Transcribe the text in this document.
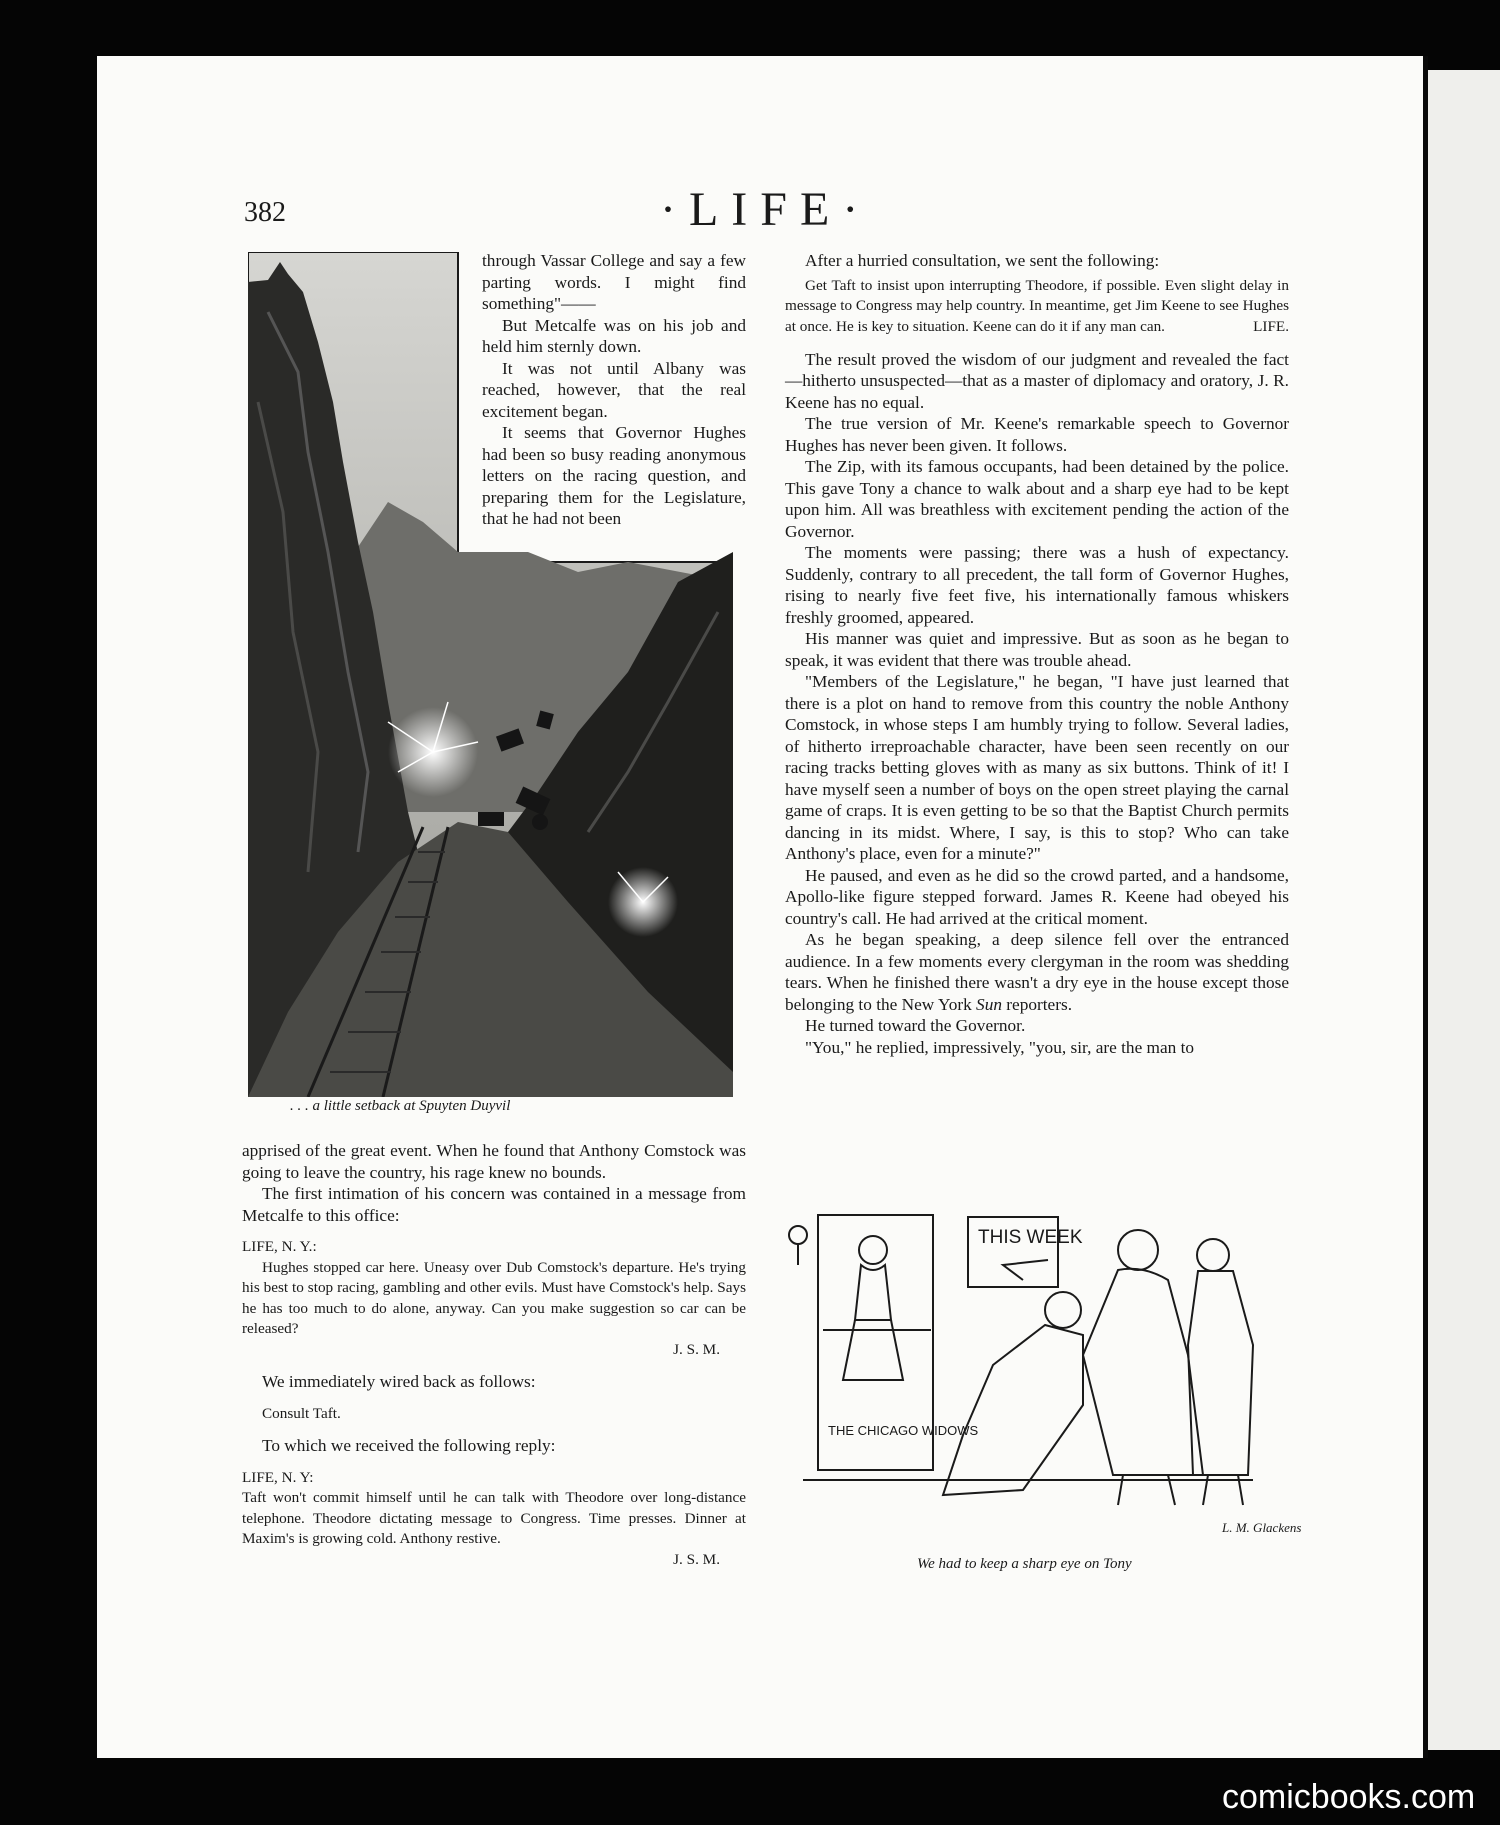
382	·LIFE·
. . . a little setback at Spuyten Duyvil

through Vassar College and say a few parting words. I might find something"——

But Metcalfe was on his job and held him sternly down.

It was not until Albany was reached, however, that the real excitement began.

It seems that Governor Hughes had been so busy reading anonymous letters on the racing question, and preparing them for the Legislature, that he had not been

apprised of the great event. When he found that Anthony Comstock was going to leave the country, his rage knew no bounds.

The first intimation of his concern was contained in a message from Metcalfe to this office:

LIFE, N. Y.:

Hughes stopped car here. Uneasy over Dub Comstock's departure. He's trying his best to stop racing, gambling and other evils. Must have Comstock's help. Says he has too much to do alone, anyway. Can you make suggestion so car can be released?

J. S. M.

We immediately wired back as follows:

Consult Taft.

To which we received the following reply:

LIFE, N. Y:

Taft won't commit himself until he can talk with Theodore over long-distance telephone. Theodore dictating message to Congress. Time presses. Dinner at Maxim's is growing cold. Anthony restive.

J. S. M.

After a hurried consultation, we sent the following:

Get Taft to insist upon interrupting Theodore, if possible. Even slight delay in message to Congress may help country. In meantime, get Jim Keene to see Hughes at once. He is key to situation. Keene can do it if any man can.	LIFE.

The result proved the wisdom of our judgment and revealed the fact—hitherto unsuspected—that as a master of diplomacy and oratory, J. R. Keene has no equal.

The true version of Mr. Keene's remarkable speech to Governor Hughes has never been given. It follows.

The Zip, with its famous occupants, had been detained by the police. This gave Tony a chance to walk about and a sharp eye had to be kept upon him. All was breathless with excitement pending the action of the Governor.

The moments were passing; there was a hush of expectancy. Suddenly, contrary to all precedent, the tall form of Governor Hughes, rising to nearly five feet five, his internationally famous whiskers freshly groomed, appeared.

His manner was quiet and impressive. But as soon as he began to speak, it was evident that there was trouble ahead.

"Members of the Legislature," he began, "I have just learned that there is a plot on hand to remove from this country the noble Anthony Comstock, in whose steps I am humbly trying to follow. Several ladies, of hitherto irreproachable character, have been seen recently on our racing tracks betting gloves with as many as six buttons. Think of it! I have myself seen a number of boys on the open street playing the carnal game of craps. It is even getting to be so that the Baptist Church permits dancing in its midst. Where, I say, is this to stop? Who can take Anthony's place, even for a minute?"

He paused, and even as he did so the crowd parted, and a handsome, Apollo-like figure stepped forward. James R. Keene had obeyed his country's call. He had arrived at the critical moment.

As he began speaking, a deep silence fell over the entranced audience. In a few moments every clergyman in the room was shedding tears. When he finished there wasn't a dry eye in the house except those belonging to the New York Sun reporters.

He turned toward the Governor.

"You," he replied, impressively, "you, sir, are the man to

THIS WEEK
THE CHICAGO WIDOWS
L. M. Glackens
We had to keep a sharp eye on Tony
comicbooks.com
